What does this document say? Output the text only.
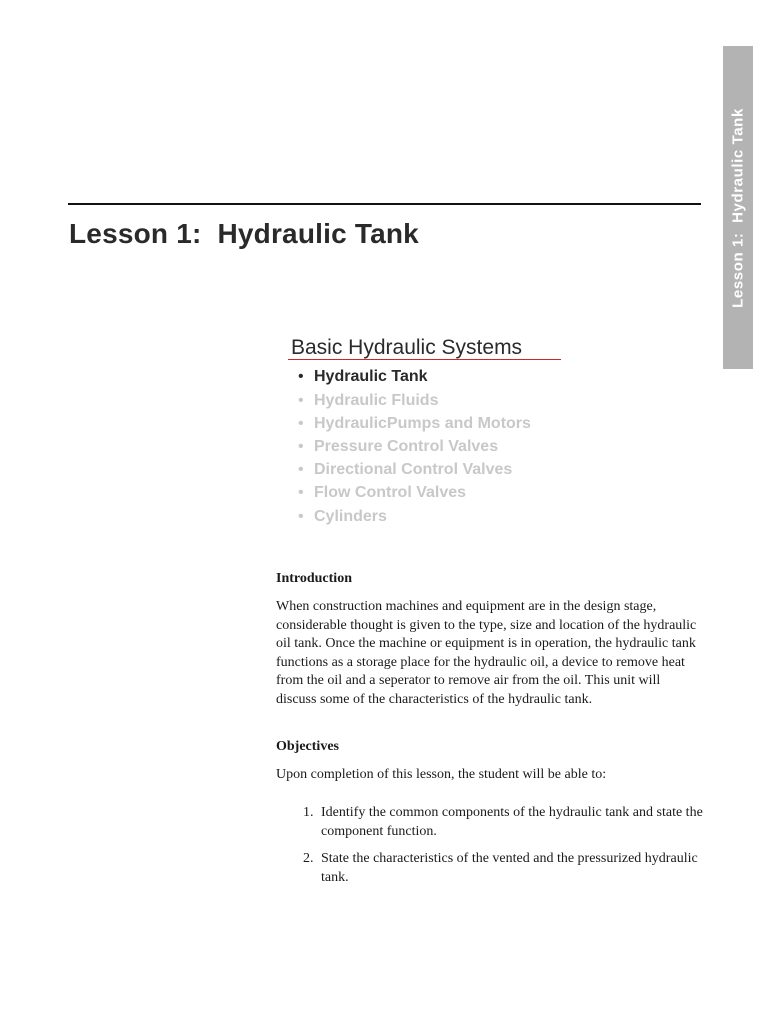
Lesson 1:  Hydraulic Tank
Lesson 1:  Hydraulic Tank
Basic Hydraulic Systems
• Hydraulic Tank
• Hydraulic Fluids
• HydraulicPumps and Motors
• Pressure Control Valves
• Directional Control Valves
• Flow Control Valves
• Cylinders
Introduction

When construction machines and equipment are in the design stage, considerable thought is given to the type, size and location of the hydraulic oil tank. Once the machine or equipment is in operation, the hydraulic tank functions as a storage place for the hydraulic oil, a device to remove heat from the oil and a seperator to remove air from the oil. This unit will discuss some of the characteristics of the hydraulic tank.

Objectives

Upon completion of this lesson, the student will be able to:

1. Identify the common components of the hydraulic tank and state the component function.
2. State the characteristics of the vented and the pressurized hydraulic tank.
